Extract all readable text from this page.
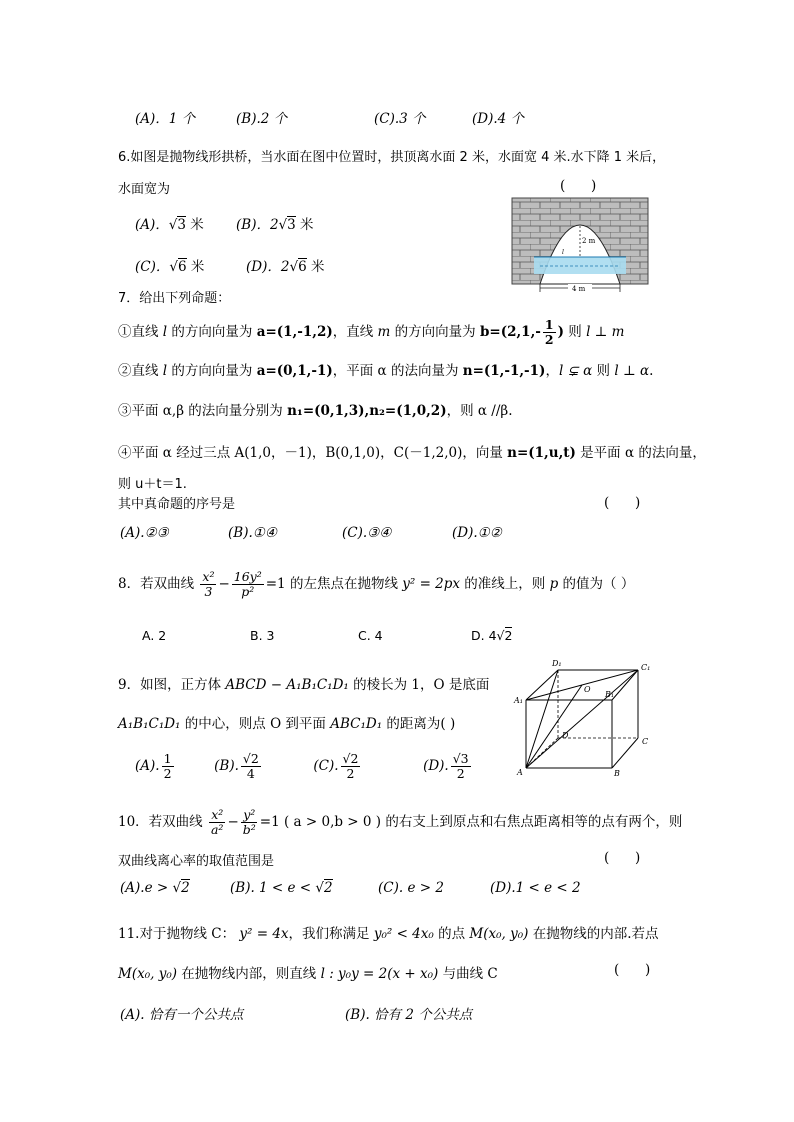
(A)．1 个	(B).2 个	(C).3 个	(D).4 个
6.如图是抛物线形拱桥，当水面在图中位置时，拱顶离水面 2 米，水面宽 4 米.水下降 1 米后，
水面宽为	(      )
(A)．√3 米 (B)．2√3 米
(C)．√6 米	(D)．2√6 米
2 m
l
4 m
7．给出下列命题：
①直线 l 的方向向量为 a=(1,-1,2)，直线 m 的方向向量为 $b=(2,1,- \frac{1}{2}$ ) 则 l ⊥ m
②直线 l 的方向向量为 a=(0,1,-1)，平面 α 的法向量为 n=(1,-1,-1)，l ⊊ α 则 l ⊥ α.
③平面 α,β 的法向量分别为 n₁=(0,1,3),n₂=(1,0,2)，则 α //β.
④平面 α 经过三点 A(1,0，－1)，B(0,1,0)，C(－1,2,0)，向量 n=(1,u,t) 是平面 α 的法向量，
则 u＋t＝1.
其中真命题的序号是	(      )
(A).②③	(B).①④	(C).③④	(D).①②
8．若双曲线 $\frac{\text{x²}}{3} - \frac{\text{16y²}}{\text{p²}} =1$ 的左焦点在抛物线 y² = 2px 的准线上，则 p 的值为（ ）
A. 2	B. 3	C. 4	D. 4√2
9．如图，正方体 ABCD − A₁B₁C₁D₁ 的棱长为 1，O 是底面
A₁B₁C₁D₁ 的中心，则点 O 到平面 ABC₁D₁ 的距离为( )
(A). $\frac{1}{2}$	(B). $\frac{√2}{4}$	(C). $\frac{√2}{2}$	(D). $\frac{√3}{2}$
A₁
D₁	C₁
B₁
O
D
C
A	B
10．若双曲线 $\frac{\text{x²}}{\text{a²}} - \frac{\text{y²}}{\text{b²}} =1$ ( a > 0,b > 0 ) 的右支上到原点和右焦点距离相等的点有两个，则
双曲线离心率的取值范围是	(      )
(A).e > √2	(B). 1 < e < √2	(C). e > 2	(D).1 < e < 2
11.对于抛物线 C： y² = 4x，我们称满足 y₀² < 4x₀ 的点 M(x₀, y₀) 在抛物线的内部.若点
M(x₀, y₀) 在抛物线内部，则直线 l : y₀y = 2(x + x₀) 与曲线 C	(      )
(A). 恰有一个公共点	(B). 恰有 2 个公共点
